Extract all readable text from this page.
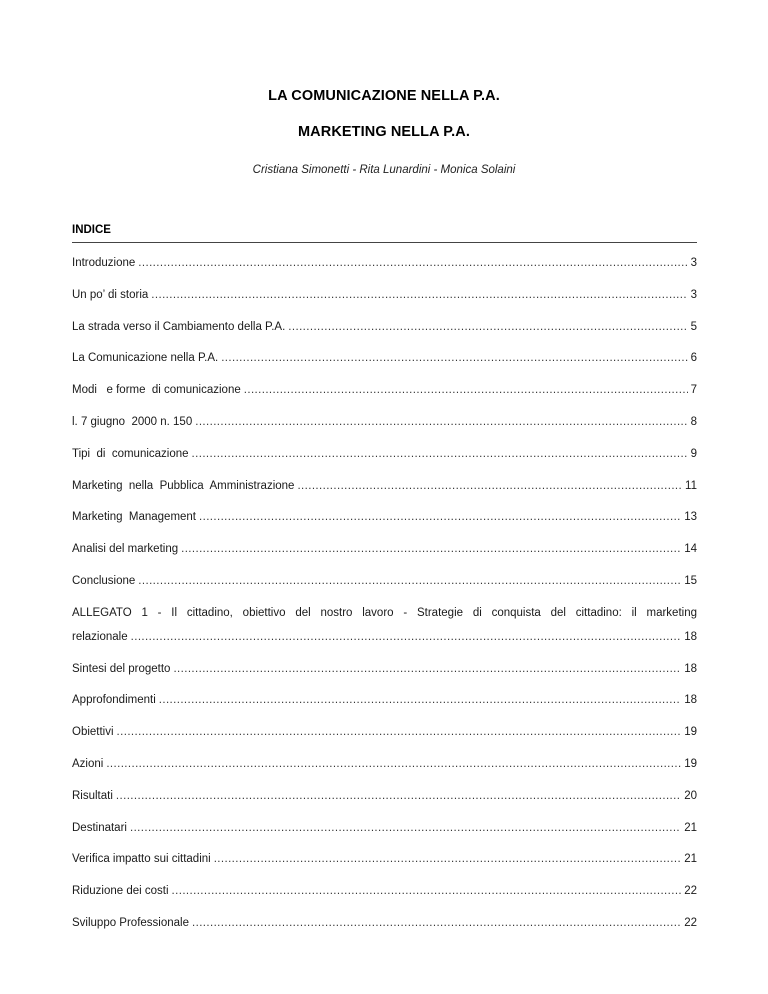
LA COMUNICAZIONE NELLA P.A.
MARKETING NELLA P.A.
Cristiana Simonetti - Rita Lunardini - Monica Solaini
INDICE
Introduzione .....	3
Un po’ di storia .....	3
La strada verso il Cambiamento della P.A. .....	5
La Comunicazione nella P.A. .....	6
Modi   e forme  di comunicazione .....	7
l. 7 giugno  2000 n. 150 .....	8
Tipi  di  comunicazione .....	9
Marketing  nella  Pubblica  Amministrazione .....	11
Marketing  Management .....	13
Analisi del marketing .....	14
Conclusione .....	15
ALLEGATO 1 - Il cittadino, obiettivo del nostro lavoro - Strategie di conquista del cittadino: il marketing
relazionale .....	18
Sintesi del progetto .....	18
Approfondimenti .....	18
Obiettivi .....	19
Azioni .....	19
Risultati .....	20
Destinatari .....	21
Verifica impatto sui cittadini .....	21
Riduzione dei costi .....	22
Sviluppo Professionale .....	22
